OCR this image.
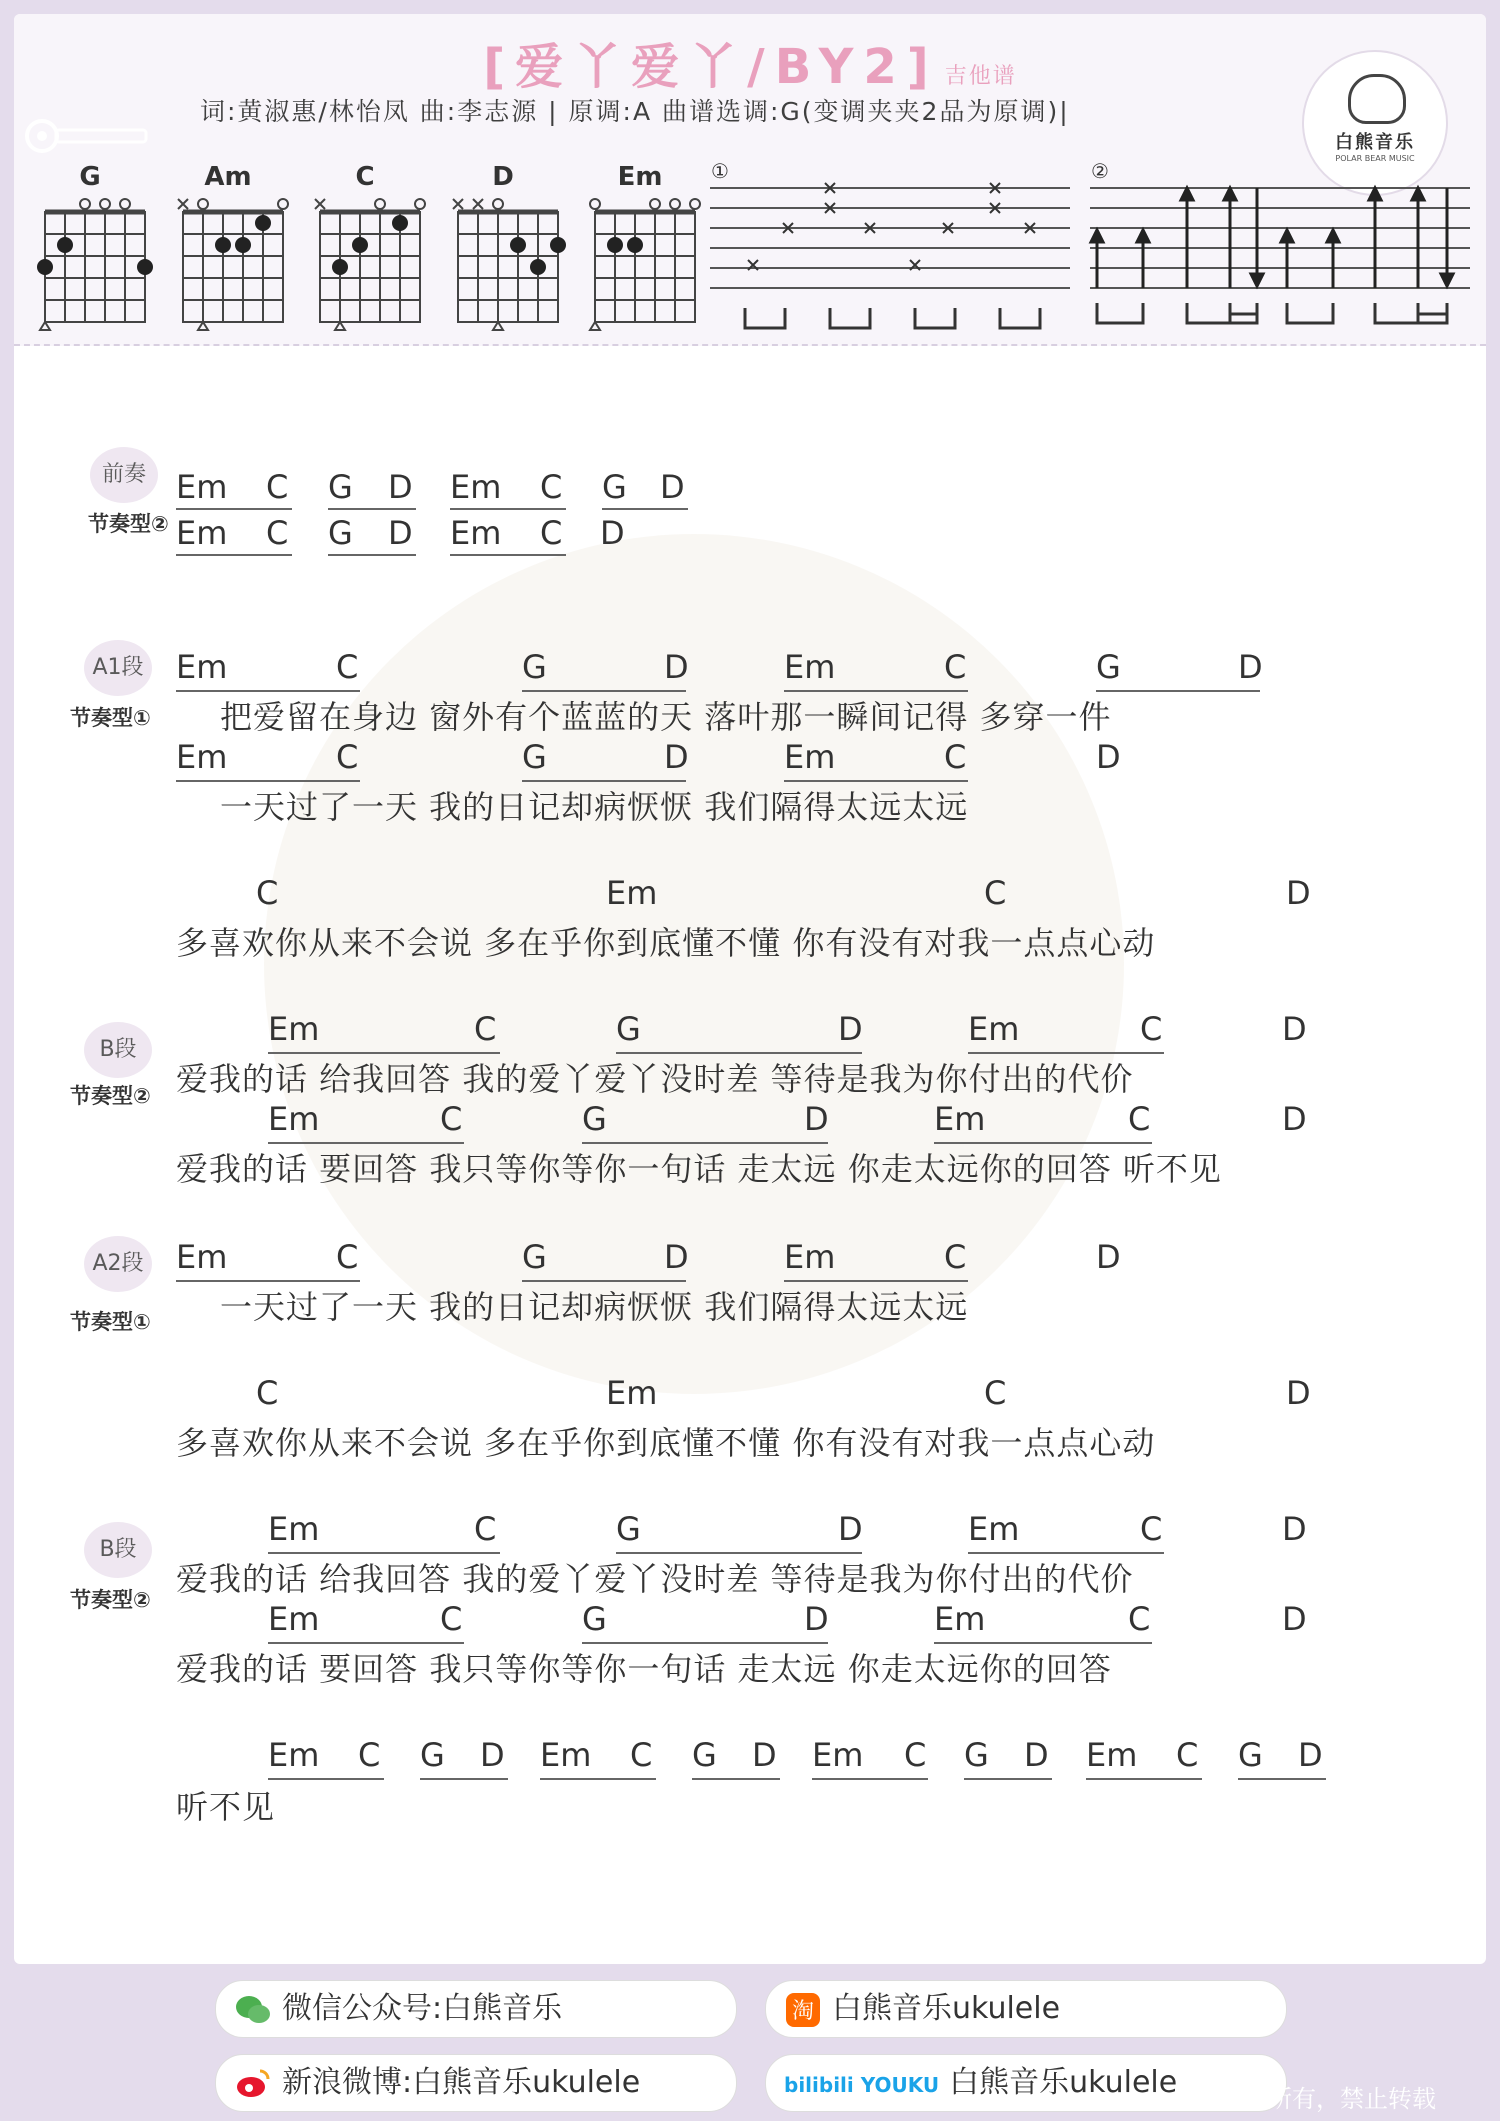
[爱丫爱丫/BY2] 吉他谱
词:黄淑惠/林怡凤 曲:李志源 | 原调:A 曲谱选调:G(变调夹夹2品为原调)|
白熊音乐
POLAR BEAR MUSIC
G	Am	C	D	Em	①	②
前奏
节奏型②
Em C G D Em C G D
Em C G D Em C D
A1段
节奏型①
Em	C	G	D	Em	C	G	D
把爱留在身边 窗外有个蓝蓝的天 落叶那一瞬间记得 多穿一件
Em	C	G	D	Em	C	D
一天过了一天 我的日记却病恹恹 我们隔得太远太远
C	Em	C	D
多喜欢你从来不会说 多在乎你到底懂不懂 你有没有对我一点点心动
B段
节奏型②
Em	C	G	D	Em	C	D
爱我的话 给我回答 我的爱丫爱丫没时差 等待是我为你付出的代价
Em	C	G	D	Em	C	D
爱我的话 要回答 我只等你等你一句话 走太远 你走太远你的回答 听不见
A2段
节奏型①
Em	C	G	D	Em	C	D
一天过了一天 我的日记却病恹恹 我们隔得太远太远
C	Em	C	D
多喜欢你从来不会说 多在乎你到底懂不懂 你有没有对我一点点心动
B段
节奏型②
Em	C	G	D	Em	C	D
爱我的话 给我回答 我的爱丫爱丫没时差 等待是我为你付出的代价
Em	C	G	D	Em	C	D
爱我的话 要回答 我只等你等你一句话 走太远 你走太远你的回答
Em C G D Em C G D Em C G D Em C G D
听不见
微信公众号:白熊音乐	淘 白熊音乐ukulele
新浪微博:白熊音乐ukulele	bilibili YOUKU 白熊音乐ukulele	版权所有，禁止转载
